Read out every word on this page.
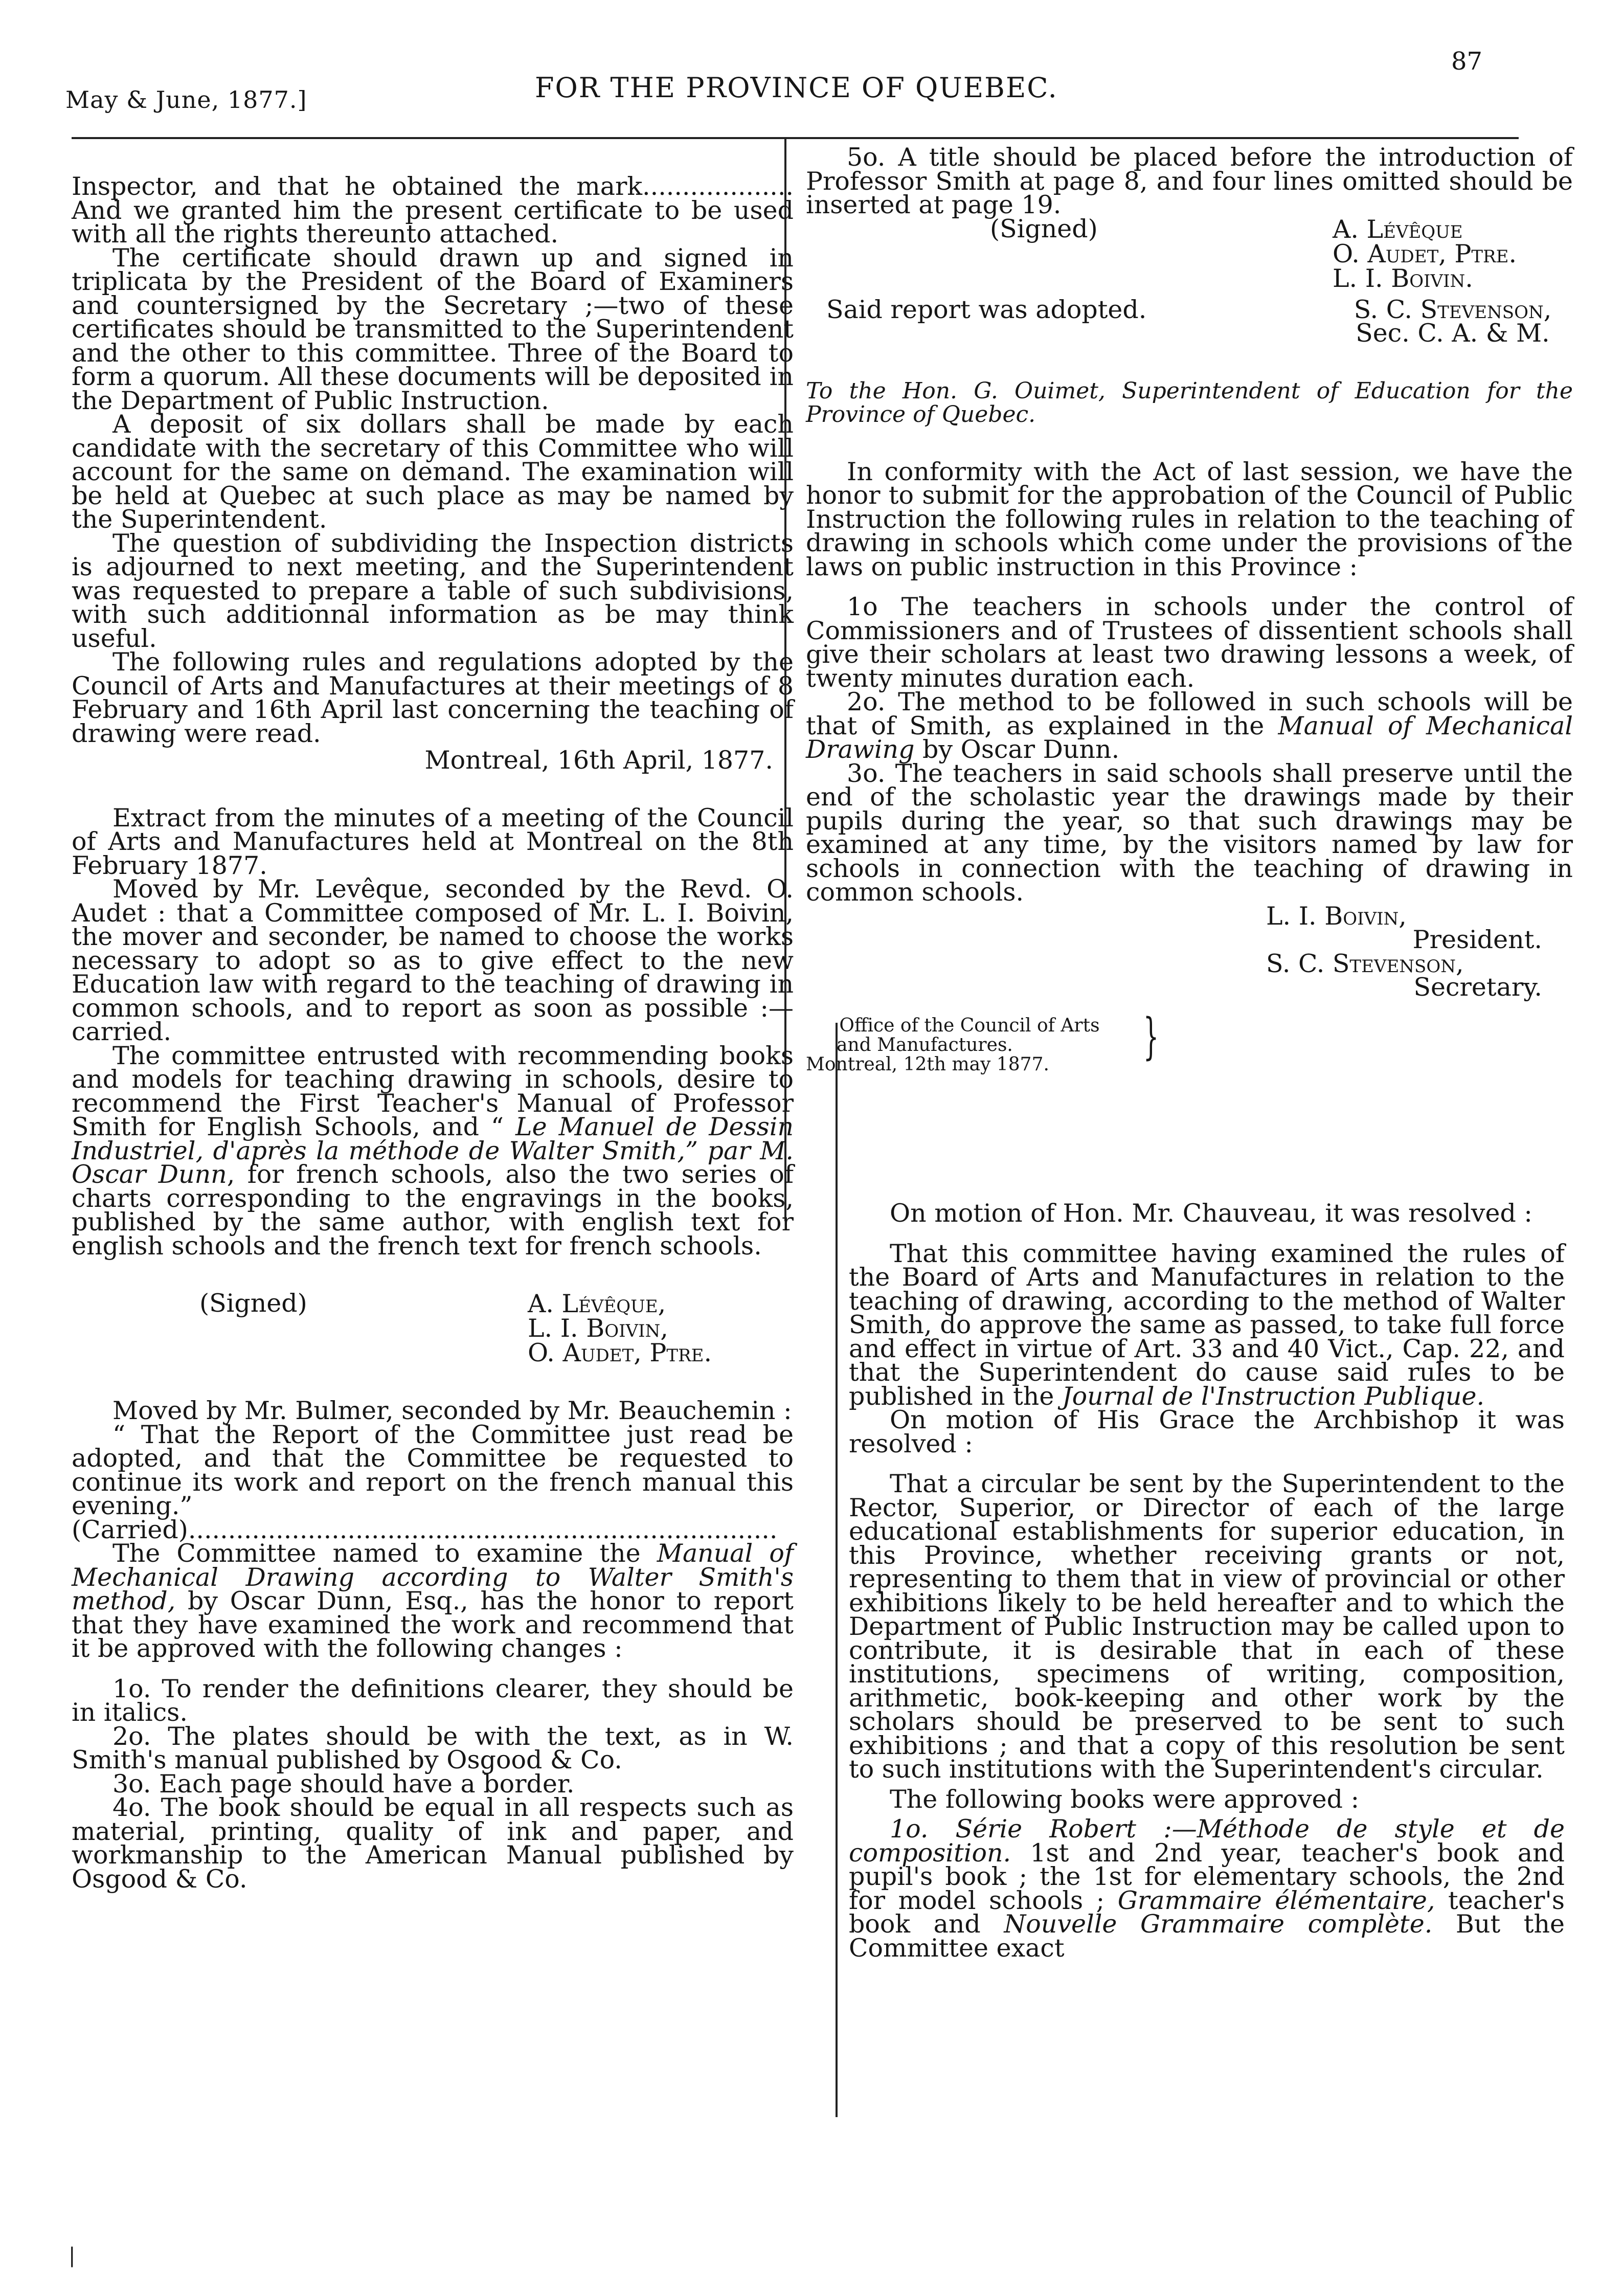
May & June, 1877.]	FOR THE PROVINCE OF QUEBEC.
87

Inspector, and that he obtained the mark................... And we granted him the present certificate to be used with all the rights thereunto attached.

The certificate should drawn up and signed in triplicata by the President of the Board of Examiners and countersigned by the Secretary ;—two of these certificates should be transmitted to the Superintendent and the other to this committee. Three of the Board to form a quorum. All these documents will be deposited in the Department of Public Instruction.

A deposit of six dollars shall be made by each candidate with the secretary of this Committee who will account for the same on demand. The examination will be held at Quebec at such place as may be named by the Superintendent.

The question of subdividing the Inspection districts is adjourned to next meeting, and the Superintendent was requested to prepare a table of such subdivisions, with such additionnal information as be may think useful.

The following rules and regulations adopted by the Council of Arts and Manufactures at their meetings of 8 February and 16th April last concerning the teaching of drawing were read.

Montreal, 16th April, 1877.

Extract from the minutes of a meeting of the Council of Arts and Manufactures held at Montreal on the 8th February 1877.

Moved by Mr. Levêque, seconded by the Revd. O. Audet : that a Committee composed of Mr. L. I. Boivin, the mover and seconder, be named to choose the works necessary to adopt so as to give effect to the new Education law with regard to the teaching of drawing in common schools, and to report as soon as possible :— carried.

The committee entrusted with recommending books and models for teaching drawing in schools, desire to recommend the First Teacher's Manual of Professor Smith for English Schools, and “ Le Manuel de Dessin Industriel, d'après la méthode de Walter Smith,” par M. Oscar Dunn, for french schools, also the two series of charts corresponding to the engravings in the books, published by the same author, with english text for english schools and the french text for french schools.

(Signed)	A. Lévêque,
L. I. Boivin,
O. Audet, Ptre.

Moved by Mr. Bulmer, seconded by Mr. Beauchemin :

“ That the Report of the Committee just read be adopted, and that the Committee be requested to continue its work and report on the french manual this evening.” (Carried)..........................................................................

The Committee named to examine the Manual of Mechanical Drawing according to Walter Smith's method, by Oscar Dunn, Esq., has the honor to report that they have examined the work and recommend that it be approved with the following changes :

1o. To render the definitions clearer, they should be in italics.

2o. The plates should be with the text, as in W. Smith's manual published by Osgood & Co.

3o. Each page should have a border.

4o. The book should be equal in all respects such as material, printing, quality of ink and paper, and workmanship to the American Manual published by Osgood & Co.

5o. A title should be placed before the introduction of Professor Smith at page 8, and four lines omitted should be inserted at page 19.

(Signed)	A. Lévêque
O. Audet, Ptre.
L. I. Boivin.
Said report was adopted.	S. C. Stevenson,
Sec. C. A. & M.

To the Hon. G. Ouimet, Superintendent of Education for the Province of Quebec.

In conformity with the Act of last session, we have the honor to submit for the approbation of the Council of Public Instruction the following rules in relation to the teaching of drawing in schools which come under the provisions of the laws on public instruction in this Province :

1o The teachers in schools under the control of Commissioners and of Trustees of dissentient schools shall give their scholars at least two drawing lessons a week, of twenty minutes duration each.

2o. The method to be followed in such schools will be that of Smith, as explained in the Manual of Mechanical Drawing by Oscar Dunn.

3o. The teachers in said schools shall preserve until the end of the scholastic year the drawings made by their pupils during the year, so that such drawings may be examined at any time, by the visitors named by law for schools in connection with the teaching of drawing in common schools.

L. I. Boivin,
President.
S. C. Stevenson,
Secretary.
Office of the Council of Arts
and Manufactures.
Montreal, 12th may 1877.	}

On motion of Hon. Mr. Chauveau, it was resolved :

That this committee having examined the rules of the Board of Arts and Manufactures in relation to the teaching of drawing, according to the method of Walter Smith, do approve the same as passed, to take full force and effect in virtue of Art. 33 and 40 Vict., Cap. 22, and that the Superintendent do cause said rules to be published in the Journal de l'Instruction Publique.

On motion of His Grace the Archbishop it was resolved :

That a circular be sent by the Superintendent to the Rector, Superior, or Director of each of the large educational establishments for superior education, in this Province, whether receiving grants or not, representing to them that in view of provincial or other exhibitions likely to be held hereafter and to which the Department of Public Instruction may be called upon to contribute, it is desirable that in each of these institutions, specimens of writing, composition, arithmetic, book-keeping and other work by the scholars should be preserved to be sent to such exhibitions ; and that a copy of this resolution be sent to such institutions with the Superintendent's circular.

The following books were approved :

1o. Série Robert :—Méthode de style et de composition. 1st and 2nd year, teacher's book and pupil's book ; the 1st for elementary schools, the 2nd for model schools ; Grammaire élémentaire, teacher's book and Nouvelle Grammaire complète. But the Committee exact

|
